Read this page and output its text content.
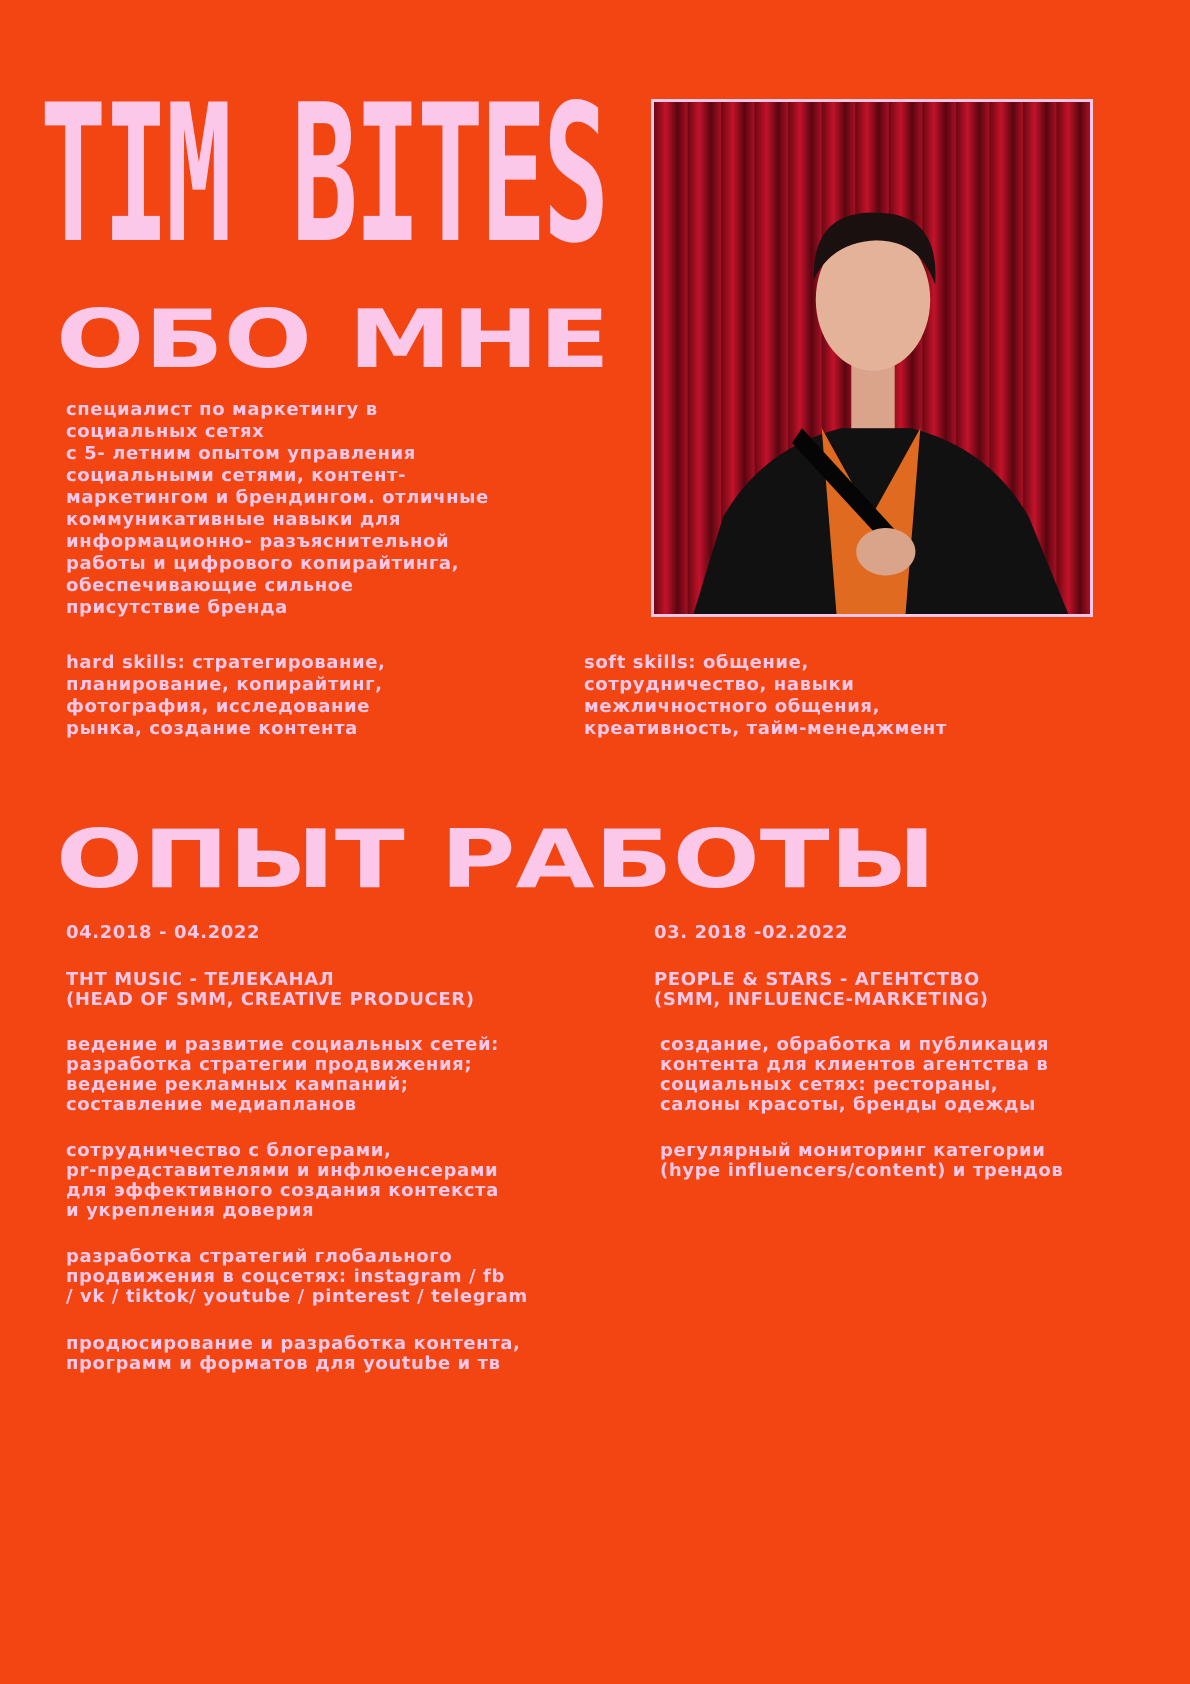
TIM BITES
ОБО МНЕ
специалист по маркетингу в
социальных сетях
с 5- летним опытом управления
социальными сетями, контент-
маркетингом и брендингом. отличные
коммуникативные навыки для
информационно- разъяснительной
работы и цифрового копирайтинга,
обеспечивающие сильное
присутствие бренда
hard skills: стратегирование,
планирование, копирайтинг,
фотография, исследование
рынка, создание контента
soft skills: общение,
сотрудничество, навыки
межличностного общения,
креативность, тайм-менеджмент
ОПЫТ РАБОТЫ
04.2018 - 04.2022
ТНТ MUSIC - ТЕЛЕКАНАЛ
(HEAD OF SMM, CREATIVE PRODUCER)
ведение и развитие социальных сетей:
разработка стратегии продвижения;
ведение рекламных кампаний;
составление медиапланов
сотрудничество с блогерами,
pr-представителями и инфлюенсерами
для эффективного создания контекста
и укрепления доверия
разработка стратегий глобального
продвижения в соцсетях: instagram / fb
/ vk / tiktok/ youtube / pinterest / telegram
продюсирование и разработка контента,
программ и форматов для youtube и тв
03. 2018 -02.2022
PEOPLE & STARS - АГЕНТСТВО
(SMM, INFLUENCE-MARKETING)
создание, обработка и публикация
контента для клиентов агентства в
социальных сетях: рестораны,
салоны красоты, бренды одежды
регулярный мониторинг категории
(hype influencers/content) и трендов
